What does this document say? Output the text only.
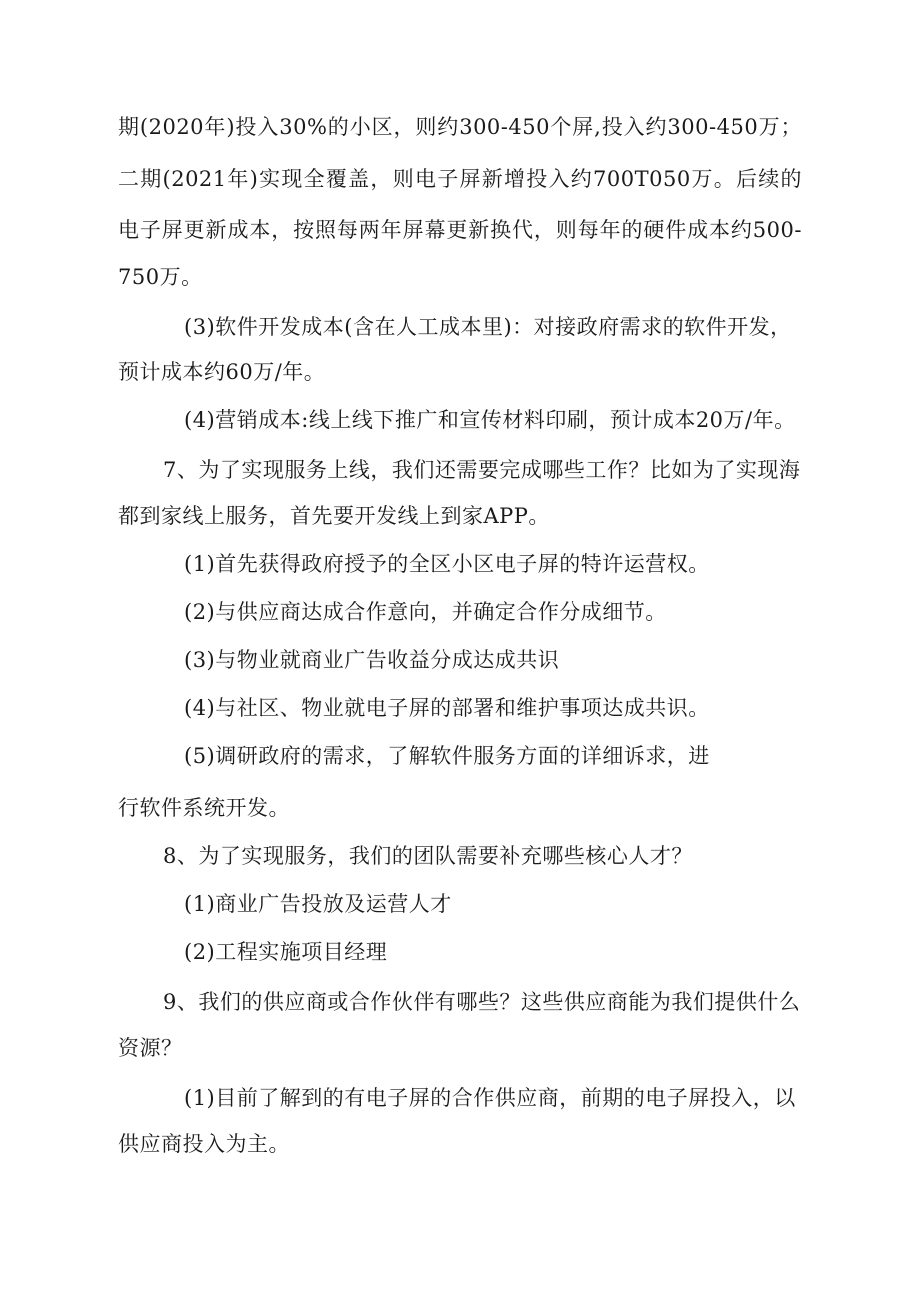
期(2020年)投入30%的小区，则约300-450个屏,投入约300-450万；
二期(2021年)实现全覆盖，则电子屏新增投入约700T050万。后续的
电子屏更新成本，按照每两年屏幕更新换代，则每年的硬件成本约500-
750万。
(3)软件开发成本(含在人工成本里)：对接政府需求的软件开发，
预计成本约60万/年。
(4)营销成本:线上线下推广和宣传材料印刷，预计成本20万/年。
7、为了实现服务上线，我们还需要完成哪些工作？比如为了实现海
都到家线上服务，首先要开发线上到家APP。
(1)首先获得政府授予的全区小区电子屏的特许运营权。
(2)与供应商达成合作意向，并确定合作分成细节。
(3)与物业就商业广告收益分成达成共识
(4)与社区、物业就电子屏的部署和维护事项达成共识。
(5)调研政府的需求，了解软件服务方面的详细诉求，进
行软件系统开发。
8、为了实现服务，我们的团队需要补充哪些核心人才？
(1)商业广告投放及运营人才
(2)工程实施项目经理
9、我们的供应商或合作伙伴有哪些？这些供应商能为我们提供什么
资源？
(1)目前了解到的有电子屏的合作供应商，前期的电子屏投入，以
供应商投入为主。
